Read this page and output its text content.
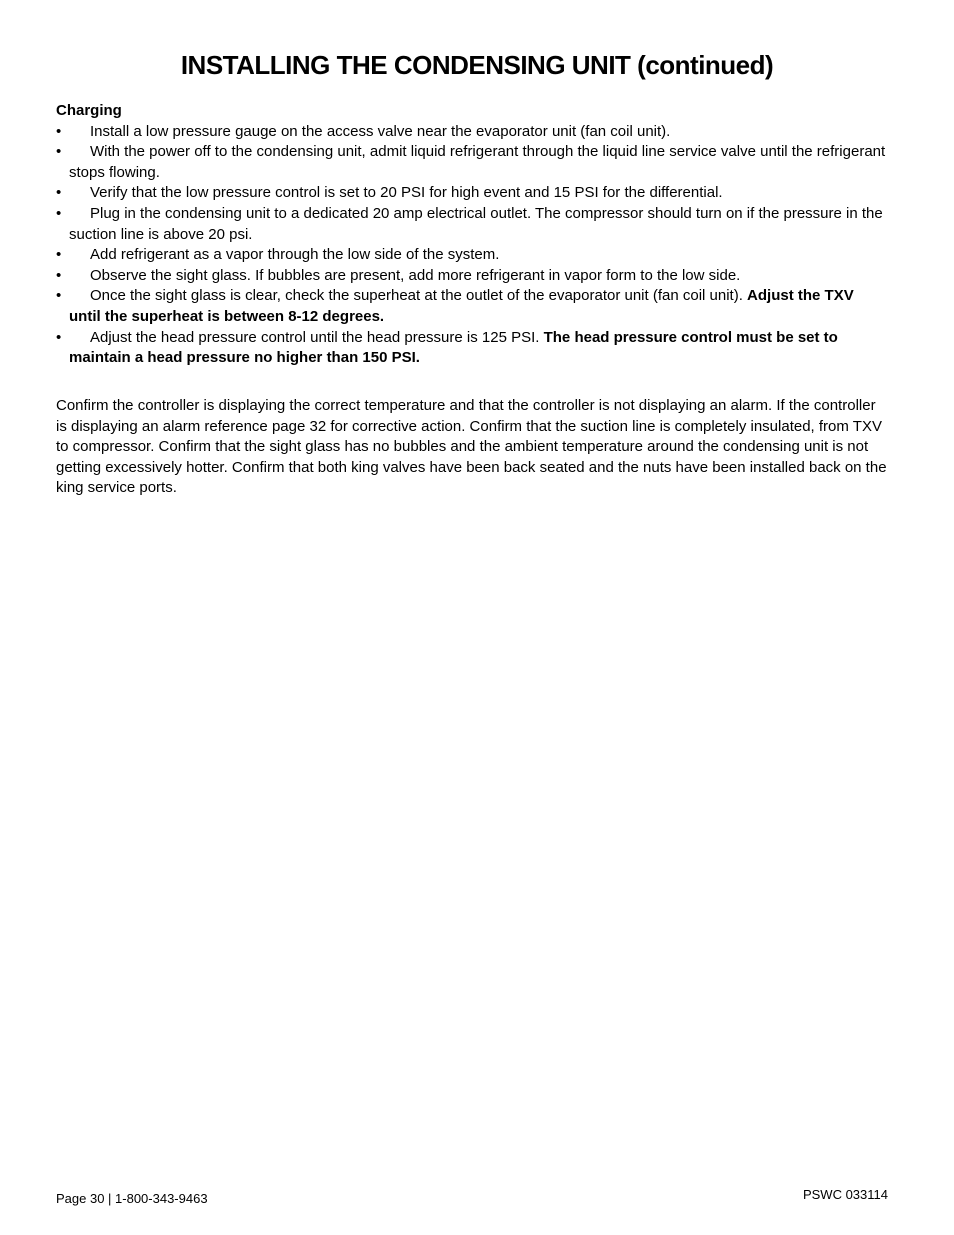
INSTALLING THE CONDENSING UNIT (continued)

Charging

• Install a low pressure gauge on the access valve near the evaporator unit (fan coil unit).
• With the power off to the condensing unit, admit liquid refrigerant through the liquid line service valve until the refrigerant stops flowing.
• Verify that the low pressure control is set to 20 PSI for high event and 15 PSI for the differential.
• Plug in the condensing unit to a dedicated 20 amp electrical outlet. The compressor should turn on if the pressure in the suction line is above 20 psi.
• Add refrigerant as a vapor through the low side of the system.
• Observe the sight glass. If bubbles are present, add more refrigerant in vapor form to the low side.
• Once the sight glass is clear, check the superheat at the outlet of the evaporator unit (fan coil unit). Adjust the TXV until the superheat is between 8-12 degrees.
• Adjust the head pressure control until the head pressure is 125 PSI. The head pressure control must be set to maintain a head pressure no higher than 150 PSI.

Confirm the controller is displaying the correct temperature and that the controller is not displaying an alarm. If the controller is displaying an alarm reference page 32 for corrective action. Confirm that the suction line is completely insulated, from TXV to compressor. Confirm that the sight glass has no bubbles and the ambient temperature around the condensing unit is not getting excessively hotter. Confirm that both king valves have been back seated and the nuts have been installed back on the king service ports.

Page 30 | 1-800-343-9463	PSWC 033114
